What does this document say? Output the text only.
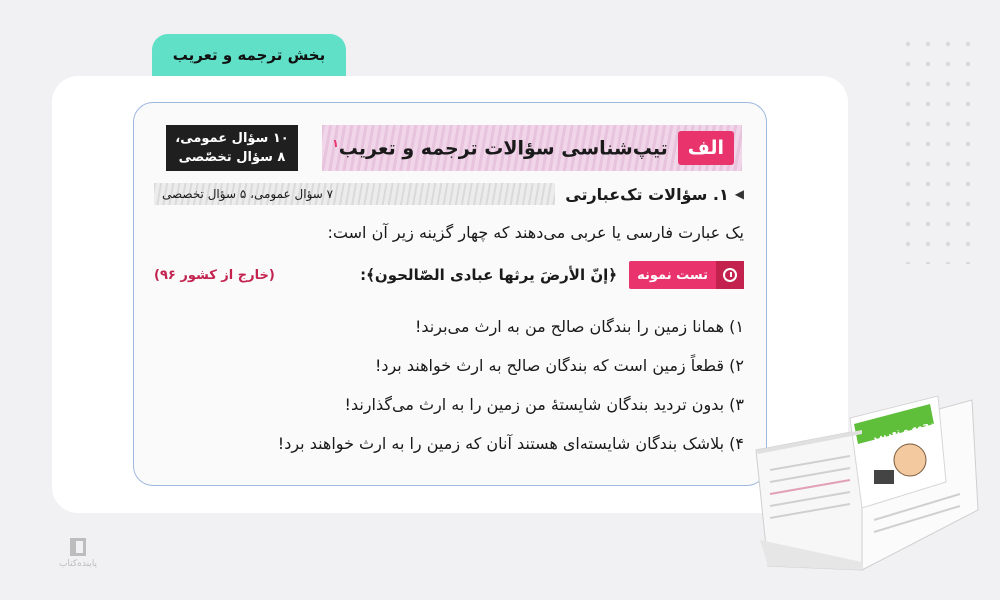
بخش ترجمه و تعریب
الف
تیپ‌شناسی سؤالات ترجمه و تعریب$^۱$
۱۰ سؤال عمومی،
۸ سؤال تخصّصی
◀
۱. سؤالات تک‌عبارتی
۷ سؤال عمومی، ۵ سؤال تخصصی
یک عبارت فارسی یا عربی می‌دهند که چهار گزینه زیر آن است:
تست نمونه
﴿إنّ الأرضَ يرثها عبادی الصّالحون﴾:
(خارج از کشور ۹۶)
۱) همانا زمین را بندگان صالح من به ارث می‌برند!
۲) قطعاً زمین است که بندگان صالح به ارث خواهند برد!
۳) بدون تردید بندگان شایستهٔ من زمین را به ارث می‌گذارند!
۴) بلاشک بندگان شایسته‌ای هستند آنان که زمین را به ارث خواهند برد!	ترجمه و تعریب
پاینده‌کتاب
